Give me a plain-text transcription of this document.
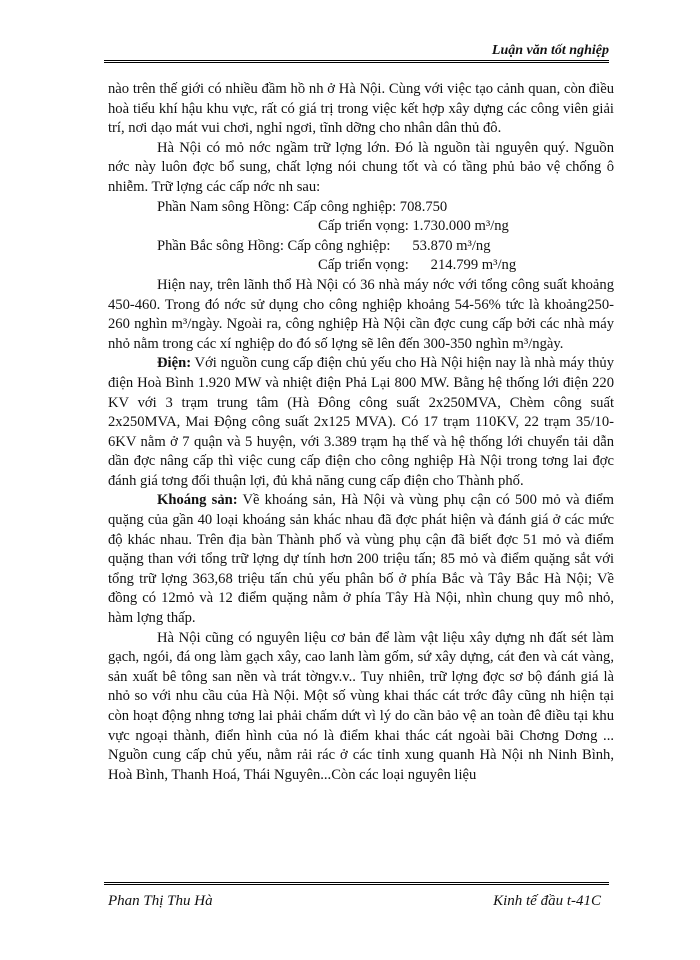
Luận văn tốt nghiệp

nào trên thế giới có nhiều đầm hồ nh ở Hà Nội. Cùng với việc tạo cảnh quan, còn điều hoà tiểu khí hậu khu vực, rất có giá trị trong việc kết hợp xây dựng các công viên giải trí, nơi dạo mát vui chơi, nghỉ ngơi, tĩnh dỡng cho nhân dân thủ đô.

Hà Nội có mỏ nớc ngầm trữ lợng lớn. Đó là nguồn tài nguyên quý. Nguồn nớc này luôn đợc bổ sung, chất lợng nói chung tốt và có tầng phủ bảo vệ chống ô nhiễm. Trữ lợng các cấp nớc nh sau:

Phần Nam sông Hồng: Cấp công nghiệp: 708.750
Cấp triển vọng: 1.730.000 m³/ng
Phần Bắc sông Hồng: Cấp công nghiệp:      53.870 m³/ng
Cấp triển vọng:      214.799 m³/ng

Hiện nay, trên lãnh thổ Hà Nội có 36 nhà máy nớc với tổng công suất khoảng 450-460. Trong đó nớc sử dụng cho công nghiệp khoảng 54-56% tức là khoảng250-260 nghìn m³/ngày. Ngoài ra, công nghiệp Hà Nội cần đợc cung cấp bởi các nhà máy nhỏ nằm trong các xí nghiệp do đó số lợng sẽ lên đến 300-350 nghìn m³/ngày.

Điện: Với nguồn cung cấp điện chủ yếu cho Hà Nội hiện nay là nhà máy thủy điện Hoà Bình 1.920 MW và nhiệt điện Phả Lại 800 MW. Bằng hệ thống lới điện 220 KV với 3 trạm trung tâm (Hà Đông công suất 2x250MVA, Chèm công suất 2x250MVA, Mai Động công suất 2x125 MVA). Có 17 trạm 110KV, 22 trạm 35/10-6KV nằm ở 7 quận và 5 huyện, với 3.389 trạm hạ thế và hệ thống lới chuyển tải dẫn dần đợc nâng cấp thì việc cung cấp điện cho công nghiệp Hà Nội trong tơng lai đợc đánh giá tơng đối thuận lợi, đủ khả năng cung cấp điện cho Thành phố.

Khoáng sản: Về khoáng sản, Hà Nội và vùng phụ cận có 500 mỏ và điểm quặng của gần 40 loại khoáng sản khác nhau đã đợc phát hiện và đánh giá ở các mức độ khác nhau. Trên địa bàn Thành phố và vùng phụ cận đã biết đợc 51 mỏ và điểm quặng than với tổng trữ lợng dự tính hơn 200 triệu tấn; 85 mỏ và điểm quặng sắt với tổng trữ lợng 363,68 triệu tấn chủ yếu phân bố ở phía Bắc và Tây Bắc Hà Nội; Về đồng có 12mỏ và 12 điểm quặng nằm ở phía Tây Hà Nội, nhìn chung quy mô nhỏ, hàm lợng thấp.

Hà Nội cũng có nguyên liệu cơ bản để làm vật liệu xây dựng nh đất sét làm gạch, ngói, đá ong làm gạch xây, cao lanh làm gốm, sứ xây dựng, cát đen và cát vàng, sản xuất bê tông san nền và trát tờngv.v.. Tuy nhiên, trữ lợng đợc sơ bộ đánh giá là nhỏ so với nhu cầu của Hà Nội. Một số vùng khai thác cát trớc đây cũng nh hiện tại còn hoạt động nhng tơng lai phải chấm dứt vì lý do cần bảo vệ an toàn đê điều tại khu vực ngoại thành, điển hình của nó là điểm khai thác cát ngoài bãi Chơng Dơng ... Nguồn cung cấp chủ yếu, nằm rải rác ở các tỉnh xung quanh Hà Nội nh Ninh Bình, Hoà Bình, Thanh Hoá, Thái Nguyên...Còn các loại nguyên liệu

Phan Thị Thu Hà	Kinh tế đầu t-41C
